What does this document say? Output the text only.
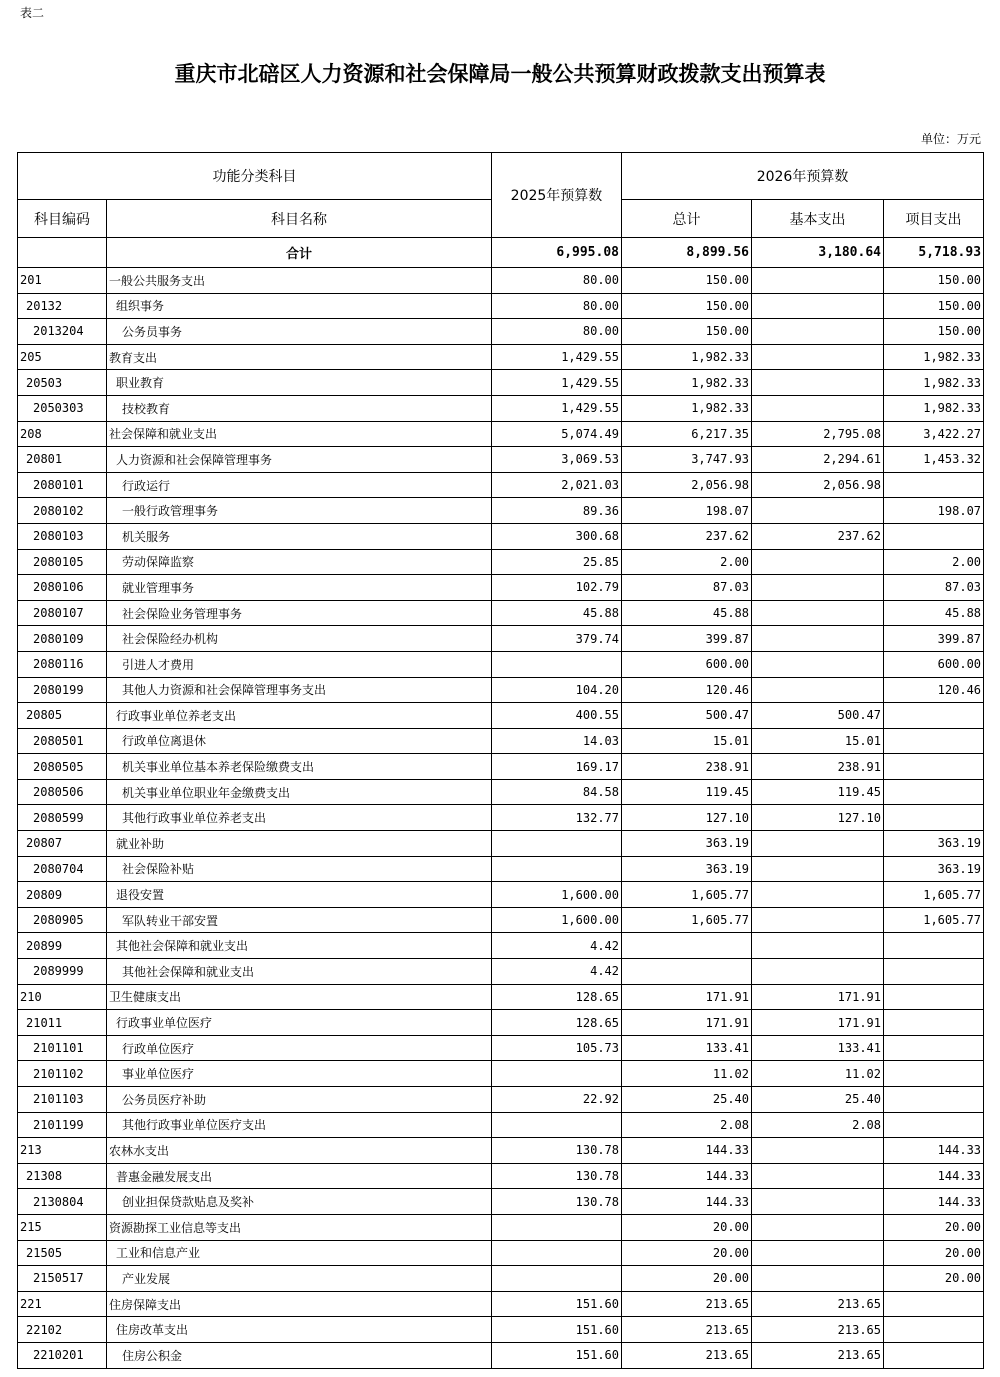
表二
重庆市北碚区人力资源和社会保障局一般公共预算财政拨款支出预算表
单位：万元
功能分类科目		2025年预算数	2026年预算数		
科目编码	科目名称		总计	基本支出	项目支出
	合计	6,995.08	8,899.56	3,180.64	5,718.93
201	一般公共服务支出	80.00	150.00		150.00
20132	组织事务	80.00	150.00		150.00
2013204	公务员事务	80.00	150.00		150.00
205	教育支出	1,429.55	1,982.33		1,982.33
20503	职业教育	1,429.55	1,982.33		1,982.33
2050303	技校教育	1,429.55	1,982.33		1,982.33
208	社会保障和就业支出	5,074.49	6,217.35	2,795.08	3,422.27
20801	人力资源和社会保障管理事务	3,069.53	3,747.93	2,294.61	1,453.32
2080101	行政运行	2,021.03	2,056.98	2,056.98	
2080102	一般行政管理事务	89.36	198.07		198.07
2080103	机关服务	300.68	237.62	237.62	
2080105	劳动保障监察	25.85	2.00		2.00
2080106	就业管理事务	102.79	87.03		87.03
2080107	社会保险业务管理事务	45.88	45.88		45.88
2080109	社会保险经办机构	379.74	399.87		399.87
2080116	引进人才费用		600.00		600.00
2080199	其他人力资源和社会保障管理事务支出	104.20	120.46		120.46
20805	行政事业单位养老支出	400.55	500.47	500.47	
2080501	行政单位离退休	14.03	15.01	15.01	
2080505	机关事业单位基本养老保险缴费支出	169.17	238.91	238.91	
2080506	机关事业单位职业年金缴费支出	84.58	119.45	119.45	
2080599	其他行政事业单位养老支出	132.77	127.10	127.10	
20807	就业补助		363.19		363.19
2080704	社会保险补贴		363.19		363.19
20809	退役安置	1,600.00	1,605.77		1,605.77
2080905	军队转业干部安置	1,600.00	1,605.77		1,605.77
20899	其他社会保障和就业支出	4.42			
2089999	其他社会保障和就业支出	4.42			
210	卫生健康支出	128.65	171.91	171.91	
21011	行政事业单位医疗	128.65	171.91	171.91	
2101101	行政单位医疗	105.73	133.41	133.41	
2101102	事业单位医疗		11.02	11.02	
2101103	公务员医疗补助	22.92	25.40	25.40	
2101199	其他行政事业单位医疗支出		2.08	2.08	
213	农林水支出	130.78	144.33		144.33
21308	普惠金融发展支出	130.78	144.33		144.33
2130804	创业担保贷款贴息及奖补	130.78	144.33		144.33
215	资源勘探工业信息等支出		20.00		20.00
21505	工业和信息产业		20.00		20.00
2150517	产业发展		20.00		20.00
221	住房保障支出	151.60	213.65	213.65	
22102	住房改革支出	151.60	213.65	213.65	
2210201	住房公积金	151.60	213.65	213.65	
